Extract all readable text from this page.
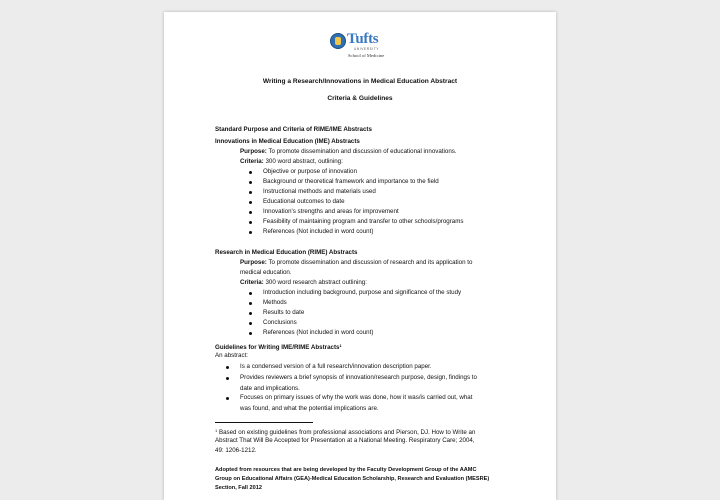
Tufts
UNIVERSITY
School of Medicine
Writing a Research/Innovations in Medical Education Abstract
Criteria & Guidelines
Standard Purpose and Criteria of RIME/IME Abstracts
Innovations in Medical Education (IME) Abstracts
Purpose: To promote dissemination and discussion of educational innovations.
Criteria: 300 word abstract, outlining:
Objective or purpose of innovation
Background or theoretical framework and importance to the field
Instructional methods and materials used
Educational outcomes to date
Innovation's strengths and areas for improvement
Feasibility of maintaining program and transfer to other schools/programs
References (Not included in word count)
Research in Medical Education (RIME) Abstracts
Purpose: To promote dissemination and discussion of research and its application to
medical education.
Criteria: 300 word research abstract outlining:
Introduction including background, purpose and significance of the study
Methods
Results to date
Conclusions
References (Not included in word count)
Guidelines for Writing IME/RIME Abstracts$^1$
An abstract:
Is a condensed version of a full research/innovation description paper.
Provides reviewers a brief synopsis of innovation/research purpose, design, findings to
date and implications.
Focuses on primary issues of why the work was done, how it was/is carried out, what
was found, and what the potential implications are.
$^1$ Based on existing guidelines from professional associations and Pierson, DJ. How to Write an
Abstract That Will Be Accepted for Presentation at a National Meeting. Respiratory Care; 2004,
49: 1206-1212.
Adopted from resources that are being developed by the Faculty Development Group of the AAMC
Group on Educational Affairs (GEA)-Medical Education Scholarship, Research and Evaluation (MESRE)
Section, Fall 2012
